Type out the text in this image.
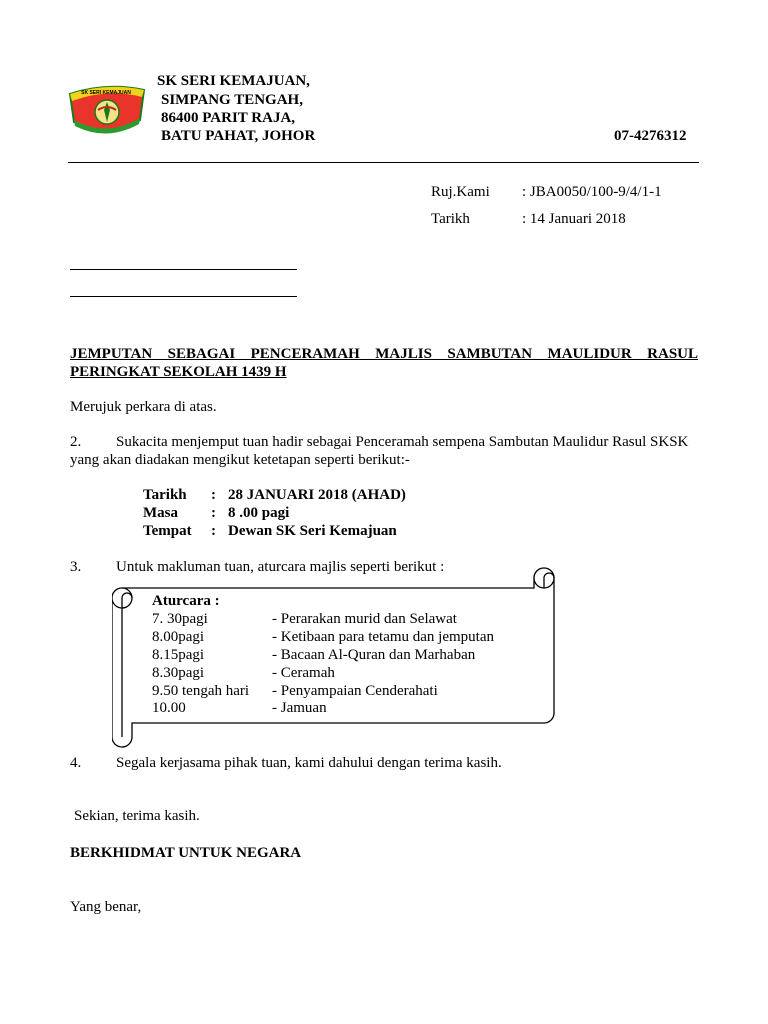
SK SERI KEMAJUAN
SK SERI KEMAJUAN,
SIMPANG TENGAH,
86400 PARIT RAJA,
BATU PAHAT, JOHOR	07-4276312
Ruj.Kami : JBA0050/100-9/4/1-1
Tarikh	: 14 Januari 2018
JEMPUTAN SEBAGAI PENCERAMAH MAJLIS SAMBUTAN MAULIDUR RASUL
PERINGKAT SEKOLAH 1439 H
Merujuk perkara di atas.
2. Sukacita menjemput tuan hadir sebagai Penceramah sempena Sambutan Maulidur Rasul SKSK
yang akan diadakan mengikut ketetapan seperti berikut:-
Tarikh : 28 JANUARI 2018 (AHAD)
Masa : 8 .00 pagi
Tempat : Dewan SK Seri Kemajuan
3. Untuk makluman tuan, aturcara majlis seperti berikut :
Aturcara :
7. 30pagi	- Perarakan murid dan Selawat
8.00pagi	- Ketibaan para tetamu dan jemputan
8.15pagi	- Bacaan Al-Quran dan Marhaban
8.30pagi	- Ceramah
9.50 tengah hari - Penyampaian Cenderahati
10.00	- Jamuan
4. Segala kerjasama pihak tuan, kami dahului dengan terima kasih.
Sekian, terima kasih.
BERKHIDMAT UNTUK NEGARA
Yang benar,
